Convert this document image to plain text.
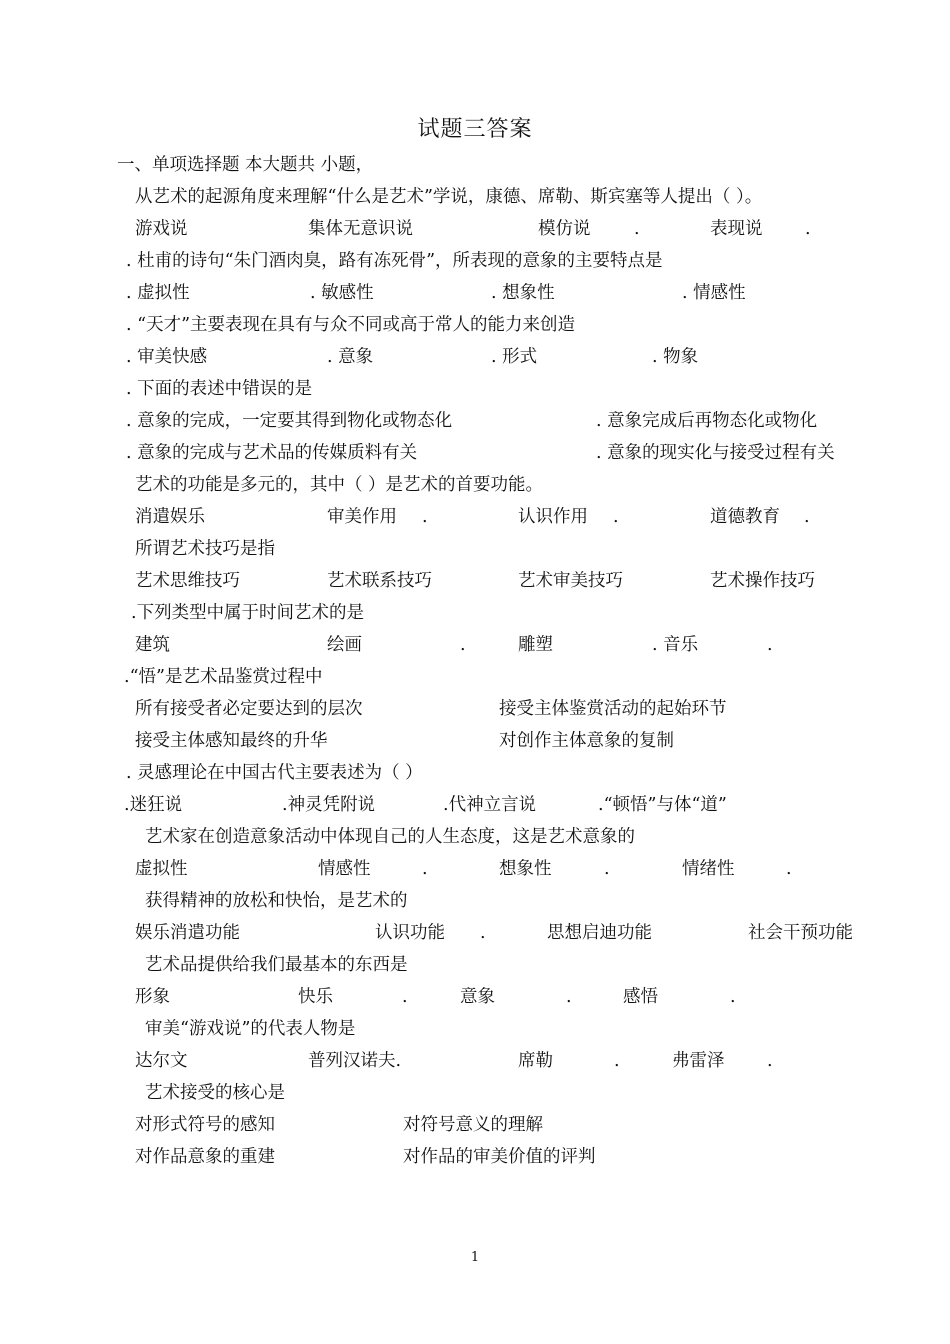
试题三答案
一、单项选择题 本大题共 小题，
从艺术的起源角度来理解“什么是艺术”学说，康德、席勒、斯宾塞等人提出（ ）。
游戏说	集体无意识说	模仿说 .	表现说 .
. 杜甫的诗句“朱门酒肉臭，路有冻死骨”，所表现的意象的主要特点是
. 虚拟性	. 敏感性	. 想象性	. 情感性
. “天才”主要表现在具有与众不同或高于常人的能力来创造
. 审美快感	. 意象	. 形式	. 物象
. 下面的表述中错误的是
. 意象的完成，一定要其得到物化或物态化	. 意象完成后再物态化或物化
. 意象的完成与艺术品的传媒质料有关	. 意象的现实化与接受过程有关
艺术的功能是多元的，其中（ ）是艺术的首要功能。
消遣娱乐	审美作用 .	认识作用 .	道德教育 .
所谓艺术技巧是指
艺术思维技巧	艺术联系技巧	艺术审美技巧	艺术操作技巧
.下列类型中属于时间艺术的是
建筑	绘画	.	雕塑	. 音乐	.
.“悟”是艺术品鉴赏过程中
所有接受者必定要达到的层次	接受主体鉴赏活动的起始环节
接受主体感知最终的升华	对创作主体意象的复制
. 灵感理论在中国古代主要表述为（ ）
.迷狂说	.神灵凭附说	.代神立言说	.“顿悟”与体“道”
艺术家在创造意象活动中体现自己的人生态度，这是艺术意象的
虚拟性	情感性	.	想象性	.	情绪性	.
获得精神的放松和快怡，是艺术的
娱乐消遣功能	认识功能 .	思想启迪功能	社会干预功能
艺术品提供给我们最基本的东西是
形象	快乐	.	意象	.	感悟	.
审美“游戏说”的代表人物是
达尔文	普列汉诺夫.	席勒	.	弗雷泽 .
艺术接受的核心是
对形式符号的感知	对符号意义的理解
对作品意象的重建	对作品的审美价值的评判
1
